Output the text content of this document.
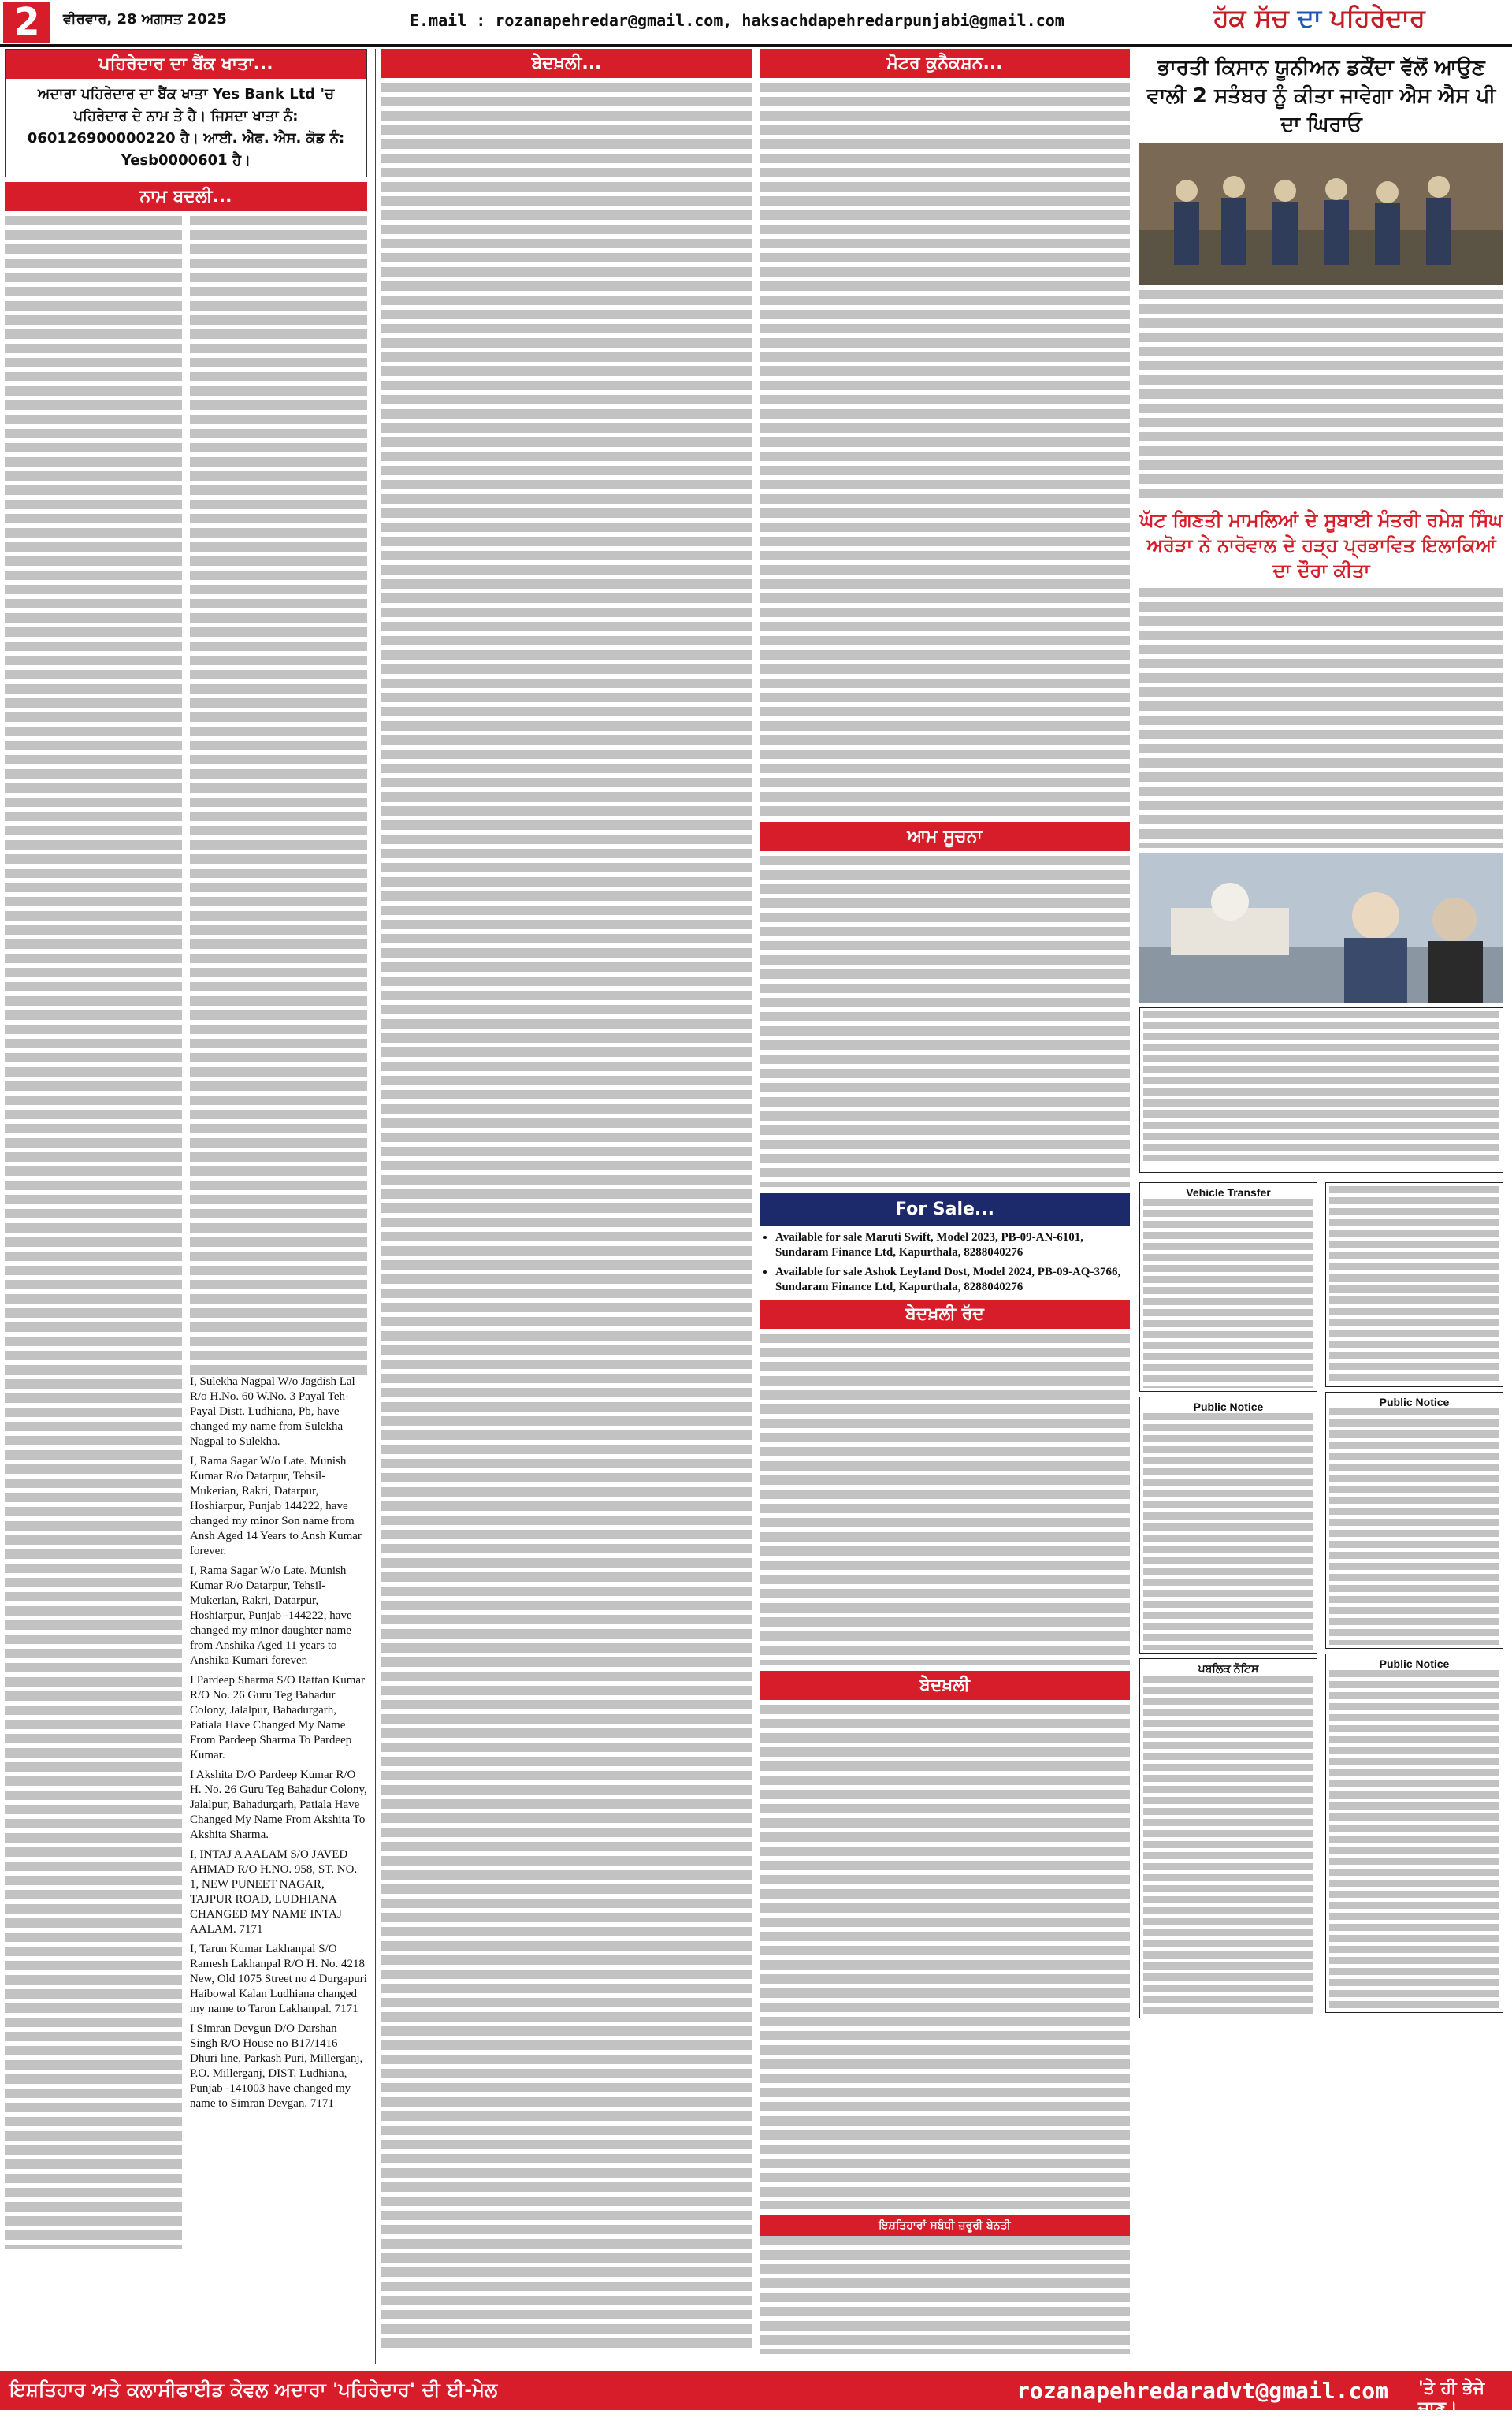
2	ਵੀਰਵਾਰ, 28 ਅਗਸਤ 2025	E.mail : rozanapehredar@gmail.com, haksachdapehredarpunjabi@gmail.com	ਹੱਕ ਸੱਚ ਦਾ ਪਹਿਰੇਦਾਰ
ਪਹਿਰੇਦਾਰ ਦਾ ਬੈਂਕ ਖਾਤਾ...
ਅਦਾਰਾ ਪਹਿਰੇਦਾਰ ਦਾ ਬੈਂਕ ਖਾਤਾ Yes Bank Ltd 'ਚ ਪਹਿਰੇਦਾਰ ਦੇ ਨਾਮ ਤੇ ਹੈ। ਜਿਸਦਾ ਖਾਤਾ ਨੰ: 060126900000220 ਹੈ। ਆਈ. ਐਫ. ਐਸ. ਕੋਡ ਨੰ: Yesb0000601 ਹੈ।
ਨਾਮ ਬਦਲੀ...

I, Sulekha Nagpal W/o Jagdish Lal R/o H.No. 60 W.No. 3 Payal Teh-Payal Distt. Ludhiana, Pb, have changed my name from Sulekha Nagpal to Sulekha.

I, Rama Sagar W/o Late. Munish Kumar R/o Datarpur, Tehsil- Mukerian, Rakri, Datarpur, Hoshiarpur, Punjab 144222, have changed my minor Son name from Ansh Aged 14 Years to Ansh Kumar forever.

I, Rama Sagar W/o Late. Munish Kumar R/o Datarpur, Tehsil- Mukerian, Rakri, Datarpur, Hoshiarpur, Punjab -144222, have changed my minor daughter name from Anshika Aged 11 years to Anshika Kumari forever.

I Pardeep Sharma S/O Rattan Kumar R/O No. 26 Guru Teg Bahadur Colony, Jalalpur, Bahadurgarh, Patiala Have Changed My Name From Pardeep Sharma To Pardeep Kumar.

I Akshita D/O Pardeep Kumar R/O H. No. 26 Guru Teg Bahadur Colony, Jalalpur, Bahadurgarh, Patiala Have Changed My Name From Akshita To Akshita Sharma.

I, INTAJ A AALAM S/O JAVED AHMAD R/O H.NO. 958, ST. NO. 1, NEW PUNEET NAGAR, TAJPUR ROAD, LUDHIANA CHANGED MY NAME INTAJ AALAM. 7171

I, Tarun Kumar Lakhanpal S/O Ramesh Lakhanpal R/O H. No. 4218 New, Old 1075 Street no 4 Durgapuri Haibowal Kalan Ludhiana changed my name to Tarun Lakhanpal. 7171

I Simran Devgun D/O Darshan Singh R/O House no B17/1416 Dhuri line, Parkash Puri, Millerganj, P.O. Millerganj, DIST. Ludhiana, Punjab -141003 have changed my name to Simran Devgan. 7171

ਬੇਦਖ਼ਲੀ...	ਮੋਟਰ ਕੁਨੈਕਸ਼ਨ...
ਆਮ ਸੂਚਨਾ
For Sale...
• Available for sale Maruti Swift, Model 2023, PB-09-AN-6101, Sundaram Finance Ltd, Kapurthala, 8288040276
• Available for sale Ashok Leyland Dost, Model 2024, PB-09-AQ-3766, Sundaram Finance Ltd, Kapurthala, 8288040276
ਬੇਦਖ਼ਲੀ ਰੱਦ
ਬੇਦਖ਼ਲੀ
ਇਸ਼ਤਿਹਾਰਾਂ ਸਬੰਧੀ ਜ਼ਰੂਰੀ ਬੇਨਤੀ
ਭਾਰਤੀ ਕਿਸਾਨ ਯੂਨੀਅਨ ਡਕੌਂਦਾ ਵੱਲੋਂ ਆਉਣ ਵਾਲੀ 2 ਸਤੰਬਰ ਨੂੰ ਕੀਤਾ ਜਾਵੇਗਾ ਐਸ ਐਸ ਪੀ ਦਾ ਘਿਰਾਓ
ਘੱਟ ਗਿਣਤੀ ਮਾਮਲਿਆਂ ਦੇ ਸੂਬਾਈ ਮੰਤਰੀ ਰਮੇਸ਼ ਸਿੰਘ ਅਰੋੜਾ ਨੇ ਨਾਰੋਵਾਲ ਦੇ ਹੜ੍ਹ ਪ੍ਰਭਾਵਿਤ ਇਲਾਕਿਆਂ ਦਾ ਦੌਰਾ ਕੀਤਾ
Vehicle Transfer
Public Notice
ਪਬਲਿਕ ਨੋਟਿਸ
Public Notice
Public Notice
ਇਸ਼ਤਿਹਾਰ ਅਤੇ ਕਲਾਸੀਫਾਈਡ ਕੇਵਲ ਅਦਾਰਾ 'ਪਹਿਰੇਦਾਰ' ਦੀ ਈ-ਮੇਲ	rozanapehredaradvt@gmail.com 'ਤੇ ਹੀ ਭੇਜੇ ਜਾਣ।
